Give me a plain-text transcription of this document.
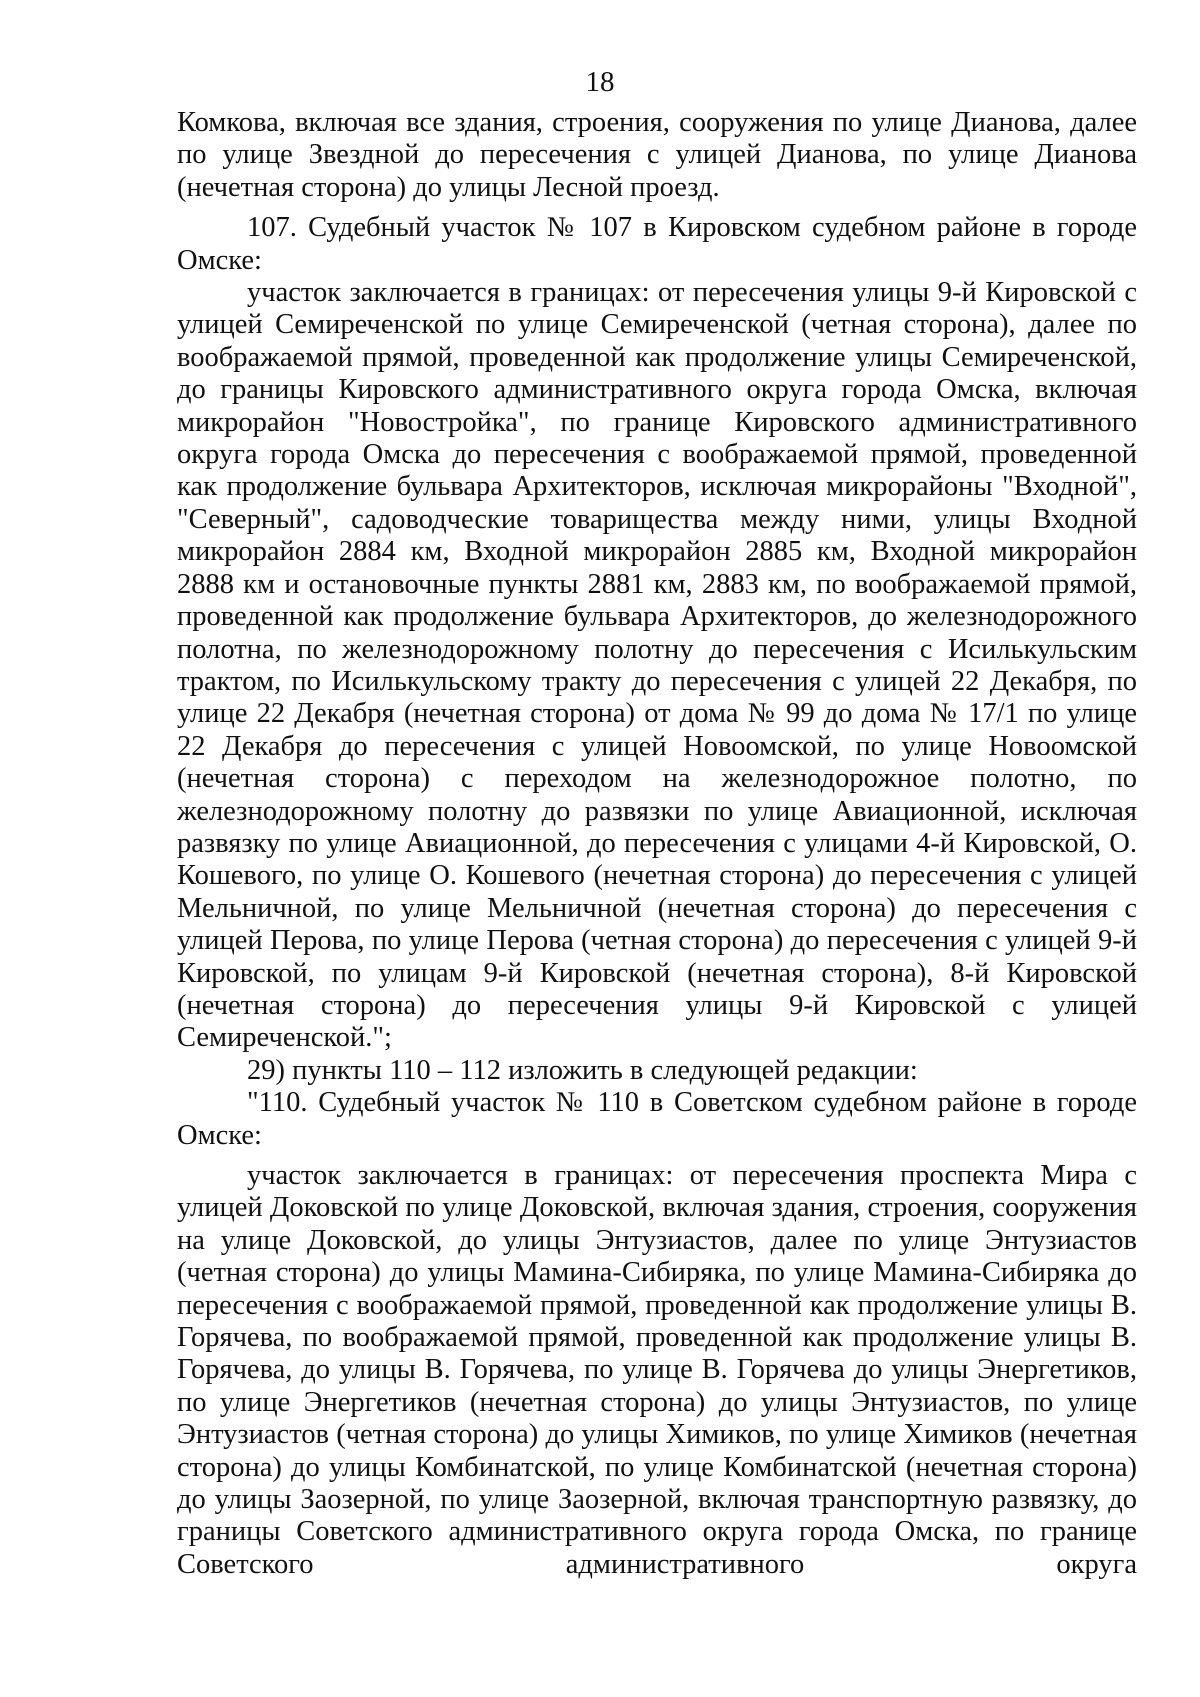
18

Комкова, включая все здания, строения, сооружения по улице Дианова, далее по улице Звездной до пересечения с улицей Дианова, по улице Дианова (нечетная сторона) до улицы Лесной проезд.

107. Судебный участок № 107 в Кировском судебном районе в городе Омске:

участок заключается в границах: от пересечения улицы 9-й Кировской с улицей Семиреченской по улице Семиреченской (четная сторона), далее по воображаемой прямой, проведенной как продолжение улицы Семиреченской, до границы Кировского административного округа города Омска, включая микрорайон "Новостройка", по границе Кировского административного округа города Омска до пересечения с воображаемой прямой, проведенной как продолжение бульвара Архитекторов, исключая микрорайоны "Входной", "Северный", садоводческие товарищества между ними, улицы Входной микрорайон 2884 км, Входной микрорайон 2885 км, Входной микрорайон 2888 км и остановочные пункты 2881 км, 2883 км, по воображаемой прямой, проведенной как продолжение бульвара Архитекторов, до железнодорожного полотна, по железнодорожному полотну до пересечения с Исилькульским трактом, по Исилькульскому тракту до пересечения с улицей 22 Декабря, по улице 22 Декабря (нечетная сторона) от дома № 99 до дома № 17/1 по улице 22 Декабря до пересечения с улицей Новоомской, по улице Новоомской (нечетная сторона) с переходом на железнодорожное полотно, по железнодорожному полотну до развязки по улице Авиационной, исключая развязку по улице Авиационной, до пересечения с улицами 4-й Кировской, О. Кошевого, по улице О. Кошевого (нечетная сторона) до пересечения с улицей Мельничной, по улице Мельничной (нечетная сторона) до пересечения с улицей Перова, по улице Перова (четная сторона) до пересечения с улицей 9-й Кировской, по улицам 9-й Кировской (нечетная сторона), 8-й Кировской (нечетная сторона) до пересечения улицы 9-й Кировской с улицей Семиреченской.";

29) пункты 110 – 112 изложить в следующей редакции:

"110. Судебный участок № 110 в Советском судебном районе в городе Омске:

участок заключается в границах: от пересечения проспекта Мира с улицей Доковской по улице Доковской, включая здания, строения, сооружения на улице Доковской, до улицы Энтузиастов, далее по улице Энтузиастов (четная сторона) до улицы Мамина-Сибиряка, по улице Мамина-Сибиряка до пересечения с воображаемой прямой, проведенной как продолжение улицы В. Горячева, по воображаемой прямой, проведенной как продолжение улицы В. Горячева, до улицы В. Горячева, по улице В. Горячева до улицы Энергетиков, по улице Энергетиков (нечетная сторона) до улицы Энтузиастов, по улице Энтузиастов (четная сторона) до улицы Химиков, по улице Химиков (нечетная сторона) до улицы Комбинатской, по улице Комбинатской (нечетная сторона) до улицы Заозерной, по улице Заозерной, включая транспортную развязку, до границы Советского административного округа города Омска, по границе Советского административного округа
